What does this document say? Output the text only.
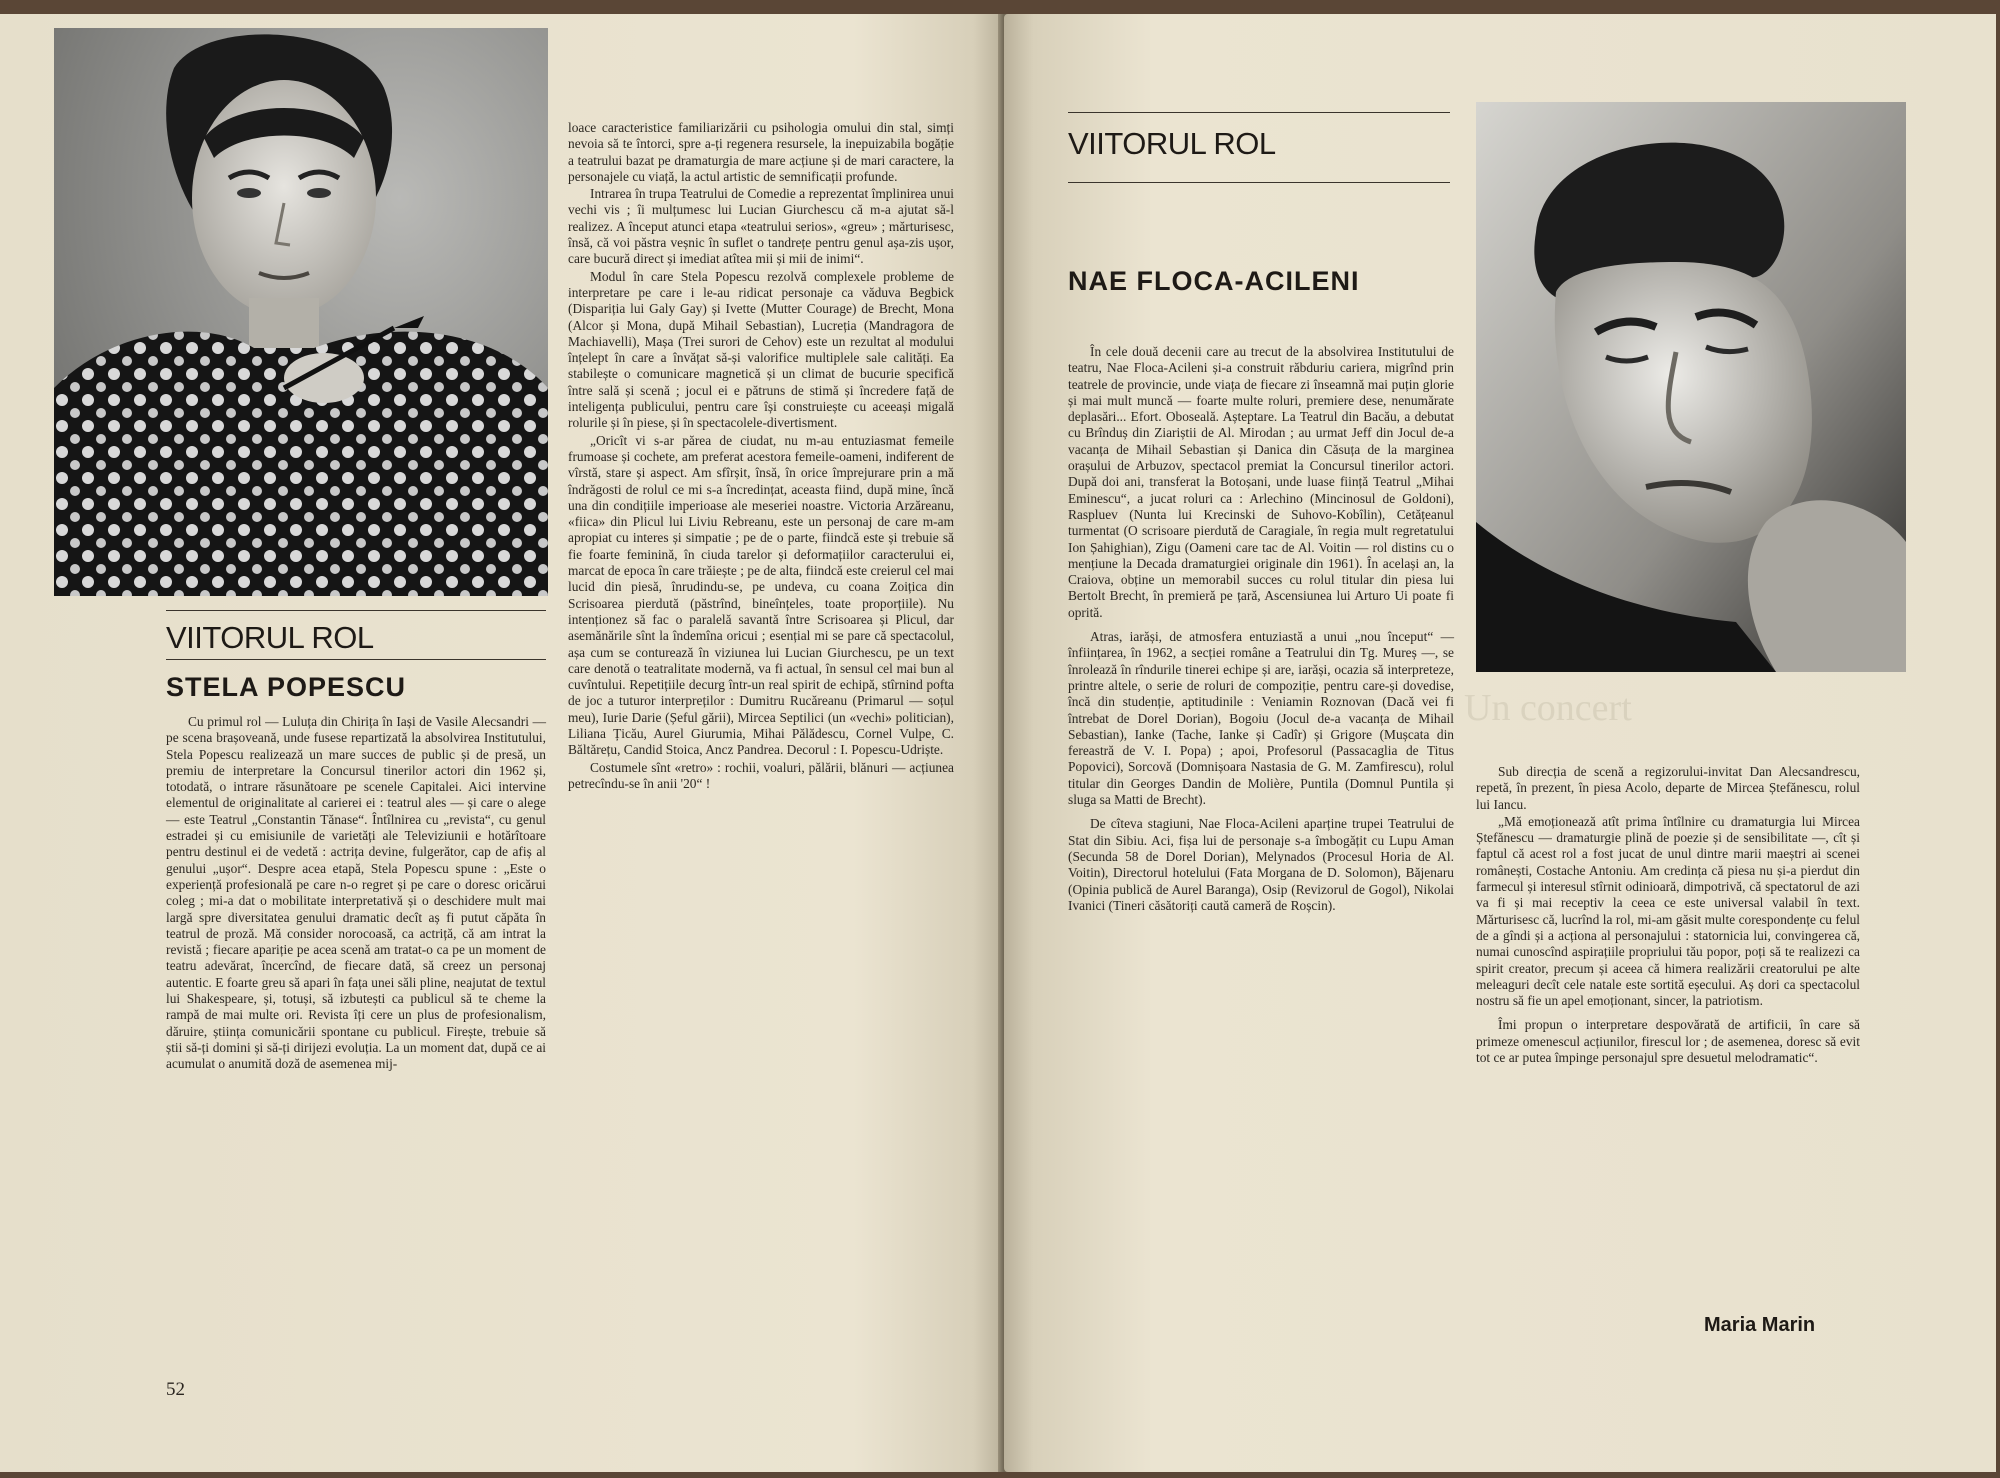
VIITORUL ROL
STELA POPESCU

Cu primul rol — Luluța din Chirița în Iași de Vasile Alecsandri — pe scena brașoveană, unde fusese repartizată la absolvirea Institutului, Stela Popescu realizează un mare succes de public și de presă, un premiu de interpretare la Concursul tinerilor actori din 1962 și, totodată, o intrare răsunătoare pe scenele Capitalei. Aici intervine elementul de originalitate al carierei ei : teatrul ales — și care o alege — este Teatrul „Constantin Tănase“. Întîlnirea cu „revista“, cu genul estradei și cu emisiunile de varietăți ale Televiziunii e hotărîtoare pentru destinul ei de vedetă : actrița devine, fulgerător, cap de afiș al genului „ușor“. Despre acea etapă, Stela Popescu spune : „Este o experiență profesională pe care n-o regret și pe care o doresc oricărui coleg ; mi-a dat o mobilitate interpretativă și o deschidere mult mai largă spre diversitatea genului dramatic decît aș fi putut căpăta în teatrul de proză. Mă consider norocoasă, ca actriță, că am intrat la revistă ; fiecare apariție pe acea scenă am tratat-o ca pe un moment de teatru adevărat, încercînd, de fiecare dată, să creez un personaj autentic. E foarte greu să apari în fața unei săli pline, neajutat de textul lui Shakespeare, și, totuși, să izbutești ca publicul să te cheme la rampă de mai multe ori. Revista îți cere un plus de profesionalism, dăruire, știința comunicării spontane cu publicul. Firește, trebuie să știi să-ți domini și să-ți dirijezi evoluția. La un moment dat, după ce ai acumulat o anumită doză de asemenea mij-

loace caracteristice familiarizării cu psihologia omului din stal, simți nevoia să te întorci, spre a-ți regenera resursele, la inepuizabila bogăție a teatrului bazat pe dramaturgia de mare acțiune și de mari caractere, la personajele cu viață, la actul artistic de semnificații profunde.

Intrarea în trupa Teatrului de Comedie a reprezentat împlinirea unui vechi vis ; îi mulțumesc lui Lucian Giurchescu că m-a ajutat să-l realizez. A început atunci etapa «teatrului serios», «greu» ; mărturisesc, însă, că voi păstra veșnic în suflet o tandrețe pentru genul așa-zis ușor, care bucură direct și imediat atîtea mii și mii de inimi“.

Modul în care Stela Popescu rezolvă complexele probleme de interpretare pe care i le-au ridicat personaje ca văduva Begbick (Dispariția lui Galy Gay) și Ivette (Mutter Courage) de Brecht, Mona (Alcor și Mona, după Mihail Sebastian), Lucreția (Mandragora de Machiavelli), Mașa (Trei surori de Cehov) este un rezultat al modului înțelept în care a învățat să-și valorifice multiplele sale calități. Ea stabilește o comunicare magnetică și un climat de bucurie specifică între sală și scenă ; jocul ei e pătruns de stimă și încredere față de inteligența publicului, pentru care își construiește cu aceeași migală rolurile și în piese, și în spectacolele-divertisment.

„Oricît vi s-ar părea de ciudat, nu m-au entuziasmat femeile frumoase și cochete, am preferat acestora femeile-oameni, indiferent de vîrstă, stare și aspect. Am sfîrșit, însă, în orice împrejurare prin a mă îndrăgosti de rolul ce mi s-a încredințat, aceasta fiind, după mine, încă una din condițiile imperioase ale meseriei noastre. Victoria Arzăreanu, «fiica» din Plicul lui Liviu Rebreanu, este un personaj de care m-am apropiat cu interes și simpatie ; pe de o parte, fiindcă este și trebuie să fie foarte feminină, în ciuda tarelor și deformațiilor caracterului ei, marcat de epoca în care trăiește ; pe de alta, fiindcă este creierul cel mai lucid din piesă, înrudindu-se, pe undeva, cu coana Zoițica din Scrisoarea pierdută (păstrînd, bineînțeles, toate proporțiile). Nu intenționez să fac o paralelă savantă între Scrisoarea și Plicul, dar asemănările sînt la îndemîna oricui ; esențial mi se pare că spectacolul, așa cum se conturează în viziunea lui Lucian Giurchescu, pe un text care denotă o teatralitate modernă, va fi actual, în sensul cel mai bun al cuvîntului. Repetițiile decurg într-un real spirit de echipă, stîrnind pofta de joc a tuturor interpreților : Dumitru Rucăreanu (Primarul — soțul meu), Iurie Darie (Șeful gării), Mircea Septilici (un «vechi» politician), Liliana Țicău, Aurel Giurumia, Mihai Pălădescu, Cornel Vulpe, C. Băltărețu, Candid Stoica, Ancz Pandrea. Decorul : I. Popescu-Udriște.

Costumele sînt «retro» : rochii, voaluri, pălării, blănuri — acțiunea petrecîndu-se în anii '20“ !

52
Un concert
VIITORUL ROL
NAE FLOCA-ACILENI

În cele două decenii care au trecut de la absolvirea Institutului de teatru, Nae Floca-Acileni și-a construit răbduriu cariera, migrînd prin teatrele de provincie, unde viața de fiecare zi înseamnă mai puțin glorie și mai mult muncă — foarte multe roluri, premiere dese, nenumărate deplasări... Efort. Oboseală. Așteptare. La Teatrul din Bacău, a debutat cu Brînduș din Ziariștii de Al. Mirodan ; au urmat Jeff din Jocul de-a vacanța de Mihail Sebastian și Danica din Căsuța de la marginea orașului de Arbuzov, spectacol premiat la Concursul tinerilor actori. După doi ani, transferat la Botoșani, unde luase ființă Teatrul „Mihai Eminescu“, a jucat roluri ca : Arlechino (Mincinosul de Goldoni), Raspluev (Nunta lui Krecinski de Suhovo-Kobîlin), Cetățeanul turmentat (O scrisoare pierdută de Caragiale, în regia mult regretatului Ion Șahighian), Zigu (Oameni care tac de Al. Voitin — rol distins cu o mențiune la Decada dramaturgiei originale din 1961). În același an, la Craiova, obține un memorabil succes cu rolul titular din piesa lui Bertolt Brecht, în premieră pe țară, Ascensiunea lui Arturo Ui poate fi oprită.

Atras, iarăși, de atmosfera entuziastă a unui „nou început“ — înființarea, în 1962, a secției române a Teatrului din Tg. Mureș —, se înrolează în rîndurile tinerei echipe și are, iarăși, ocazia să interpreteze, printre altele, o serie de roluri de compoziție, pentru care-și dovedise, încă din studenție, aptitudinile : Veniamin Roznovan (Dacă vei fi întrebat de Dorel Dorian), Bogoiu (Jocul de-a vacanța de Mihail Sebastian), Ianke (Tache, Ianke și Cadîr) și Grigore (Mușcata din fereastră de V. I. Popa) ; apoi, Profesorul (Passacaglia de Titus Popovici), Sorcovă (Domnișoara Nastasia de G. M. Zamfirescu), rolul titular din Georges Dandin de Molière, Puntila (Domnul Puntila și sluga sa Matti de Brecht).

De cîteva stagiuni, Nae Floca-Acileni aparține trupei Teatrului de Stat din Sibiu. Aci, fișa lui de personaje s-a îmbogățit cu Lupu Aman (Secunda 58 de Dorel Dorian), Melynados (Procesul Horia de Al. Voitin), Directorul hotelului (Fata Morgana de D. Solomon), Băjenaru (Opinia publică de Aurel Baranga), Osip (Revizorul de Gogol), Nikolai Ivanici (Tineri căsătoriți caută cameră de Roșcin).

Sub direcția de scenă a regizorului-invitat Dan Alecsandrescu, repetă, în prezent, în piesa Acolo, departe de Mircea Ștefănescu, rolul lui Iancu.

„Mă emoționează atît prima întîlnire cu dramaturgia lui Mircea Ștefănescu — dramaturgie plină de poezie și de sensibilitate —, cît și faptul că acest rol a fost jucat de unul dintre marii maeștri ai scenei românești, Costache Antoniu. Am credința că piesa nu și-a pierdut din farmecul și interesul stîrnit odinioară, dimpotrivă, că spectatorul de azi va fi și mai receptiv la ceea ce este universal valabil în text. Mărturisesc că, lucrînd la rol, mi-am găsit multe corespondențe cu felul de a gîndi și a acționa al personajului : statornicia lui, convingerea că, numai cunoscînd aspirațiile propriului tău popor, poți să te realizezi ca spirit creator, precum și aceea că himera realizării creatorului pe alte meleaguri decît cele natale este sortită eșecului. Aș dori ca spectacolul nostru să fie un apel emoționant, sincer, la patriotism.

Îmi propun o interpretare despovărată de artificii, în care să primeze omenescul acțiunilor, firescul lor ; de asemenea, doresc să evit tot ce ar putea împinge personajul spre desuetul melodramatic“.

Maria Marin
